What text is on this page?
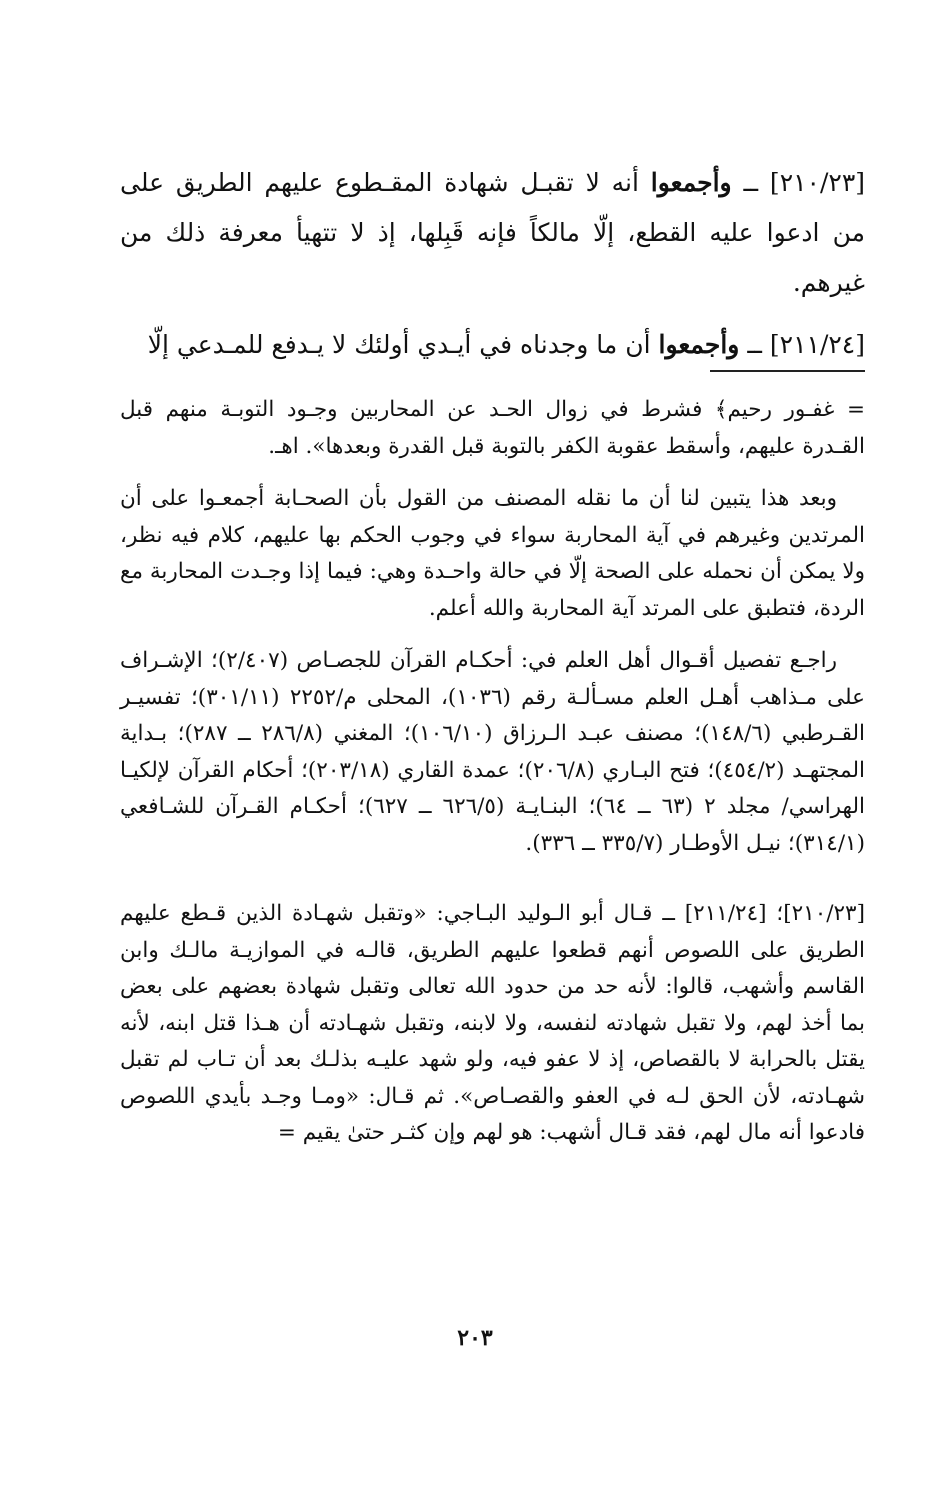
[٢١٠/٢٣] ــ وأجمعوا أنه لا تقبـل شهادة المقـطوع عليهم الطريق على من ادعوا عليه القطع، إلّا مالكاً فإنه قَبِلها، إذ لا تتهيأ معرفة ذلك من غيرهم.

[٢١١/٢٤] ــ وأجمعوا أن ما وجدناه في أيـدي أولئك لا يـدفع للمـدعي إلّا

= غفـور رحيم﴾ فشرط في زوال الحـد عن المحاربين وجـود التوبـة منهم قبل القـدرة عليهم، وأسقط عقوبة الكفر بالتوبة قبل القدرة وبعدها». اهـ.

وبعد هذا يتبين لنا أن ما نقله المصنف من القول بأن الصحـابة أجمعـوا على أن المرتدين وغيرهم في آية المحاربة سواء في وجوب الحكم بها عليهم، كلام فيه نظر، ولا يمكن أن نحمله على الصحة إلّا في حالة واحـدة وهي: فيما إذا وجـدت المحاربة مع الردة، فتطبق على المرتد آية المحاربة والله أعلم.

راجـع تفصيل أقـوال أهل العلم في: أحكـام القرآن للجصـاص (٢/٤٠٧)؛ الإشـراف على مـذاهب أهـل العلم مسـألـة رقم (١٠٣٦)، المحلى م/٢٢٥٢ (٣٠١/١١)؛ تفسيـر القـرطبي (١٤٨/٦)؛ مصنف عبـد الـرزاق (١٠٦/١٠)؛ المغني (٢٨٦/٨ ــ ٢٨٧)؛ بـداية المجتهـد (٤٥٤/٢)؛ فتح البـاري (٢٠٦/٨)؛ عمدة القاري (٢٠٣/١٨)؛ أحكام القرآن لإلكيـا الهراسي/ مجلد ٢ (٦٣ ــ ٦٤)؛ البنـايـة (٦٢٦/٥ ــ ٦٢٧)؛ أحكـام القـرآن للشـافعي (٣١٤/١)؛ نيـل الأوطـار (٣٣٥/٧ ــ ٣٣٦).

[٢١٠/٢٣]؛ [٢١١/٢٤] ــ قـال أبو الـوليد البـاجي: «وتقبل شهـادة الذين قـطع عليهم الطريق على اللصوص أنهم قطعوا عليهم الطريق، قالـه في الموازيـة مالـك وابن القاسم وأشهب، قالوا: لأنه حد من حدود الله تعالى وتقبل شهادة بعضهم على بعض بما أخذ لهم، ولا تقبل شهادته لنفسه، ولا لابنه، وتقبل شهـادته أن هـذا قتل ابنه، لأنه يقتل بالحرابة لا بالقصاص، إذ لا عفو فيه، ولو شهد عليـه بذلـك بعد أن تـاب لم تقبل شهـادته، لأن الحق لـه في العفو والقصـاص». ثم قـال: «ومـا وجـد بأيدي اللصوص فادعوا أنه مال لهم، فقد قـال أشهب: هو لهم وإن كثـر حتىٰ يقيم =

٢٠٣
